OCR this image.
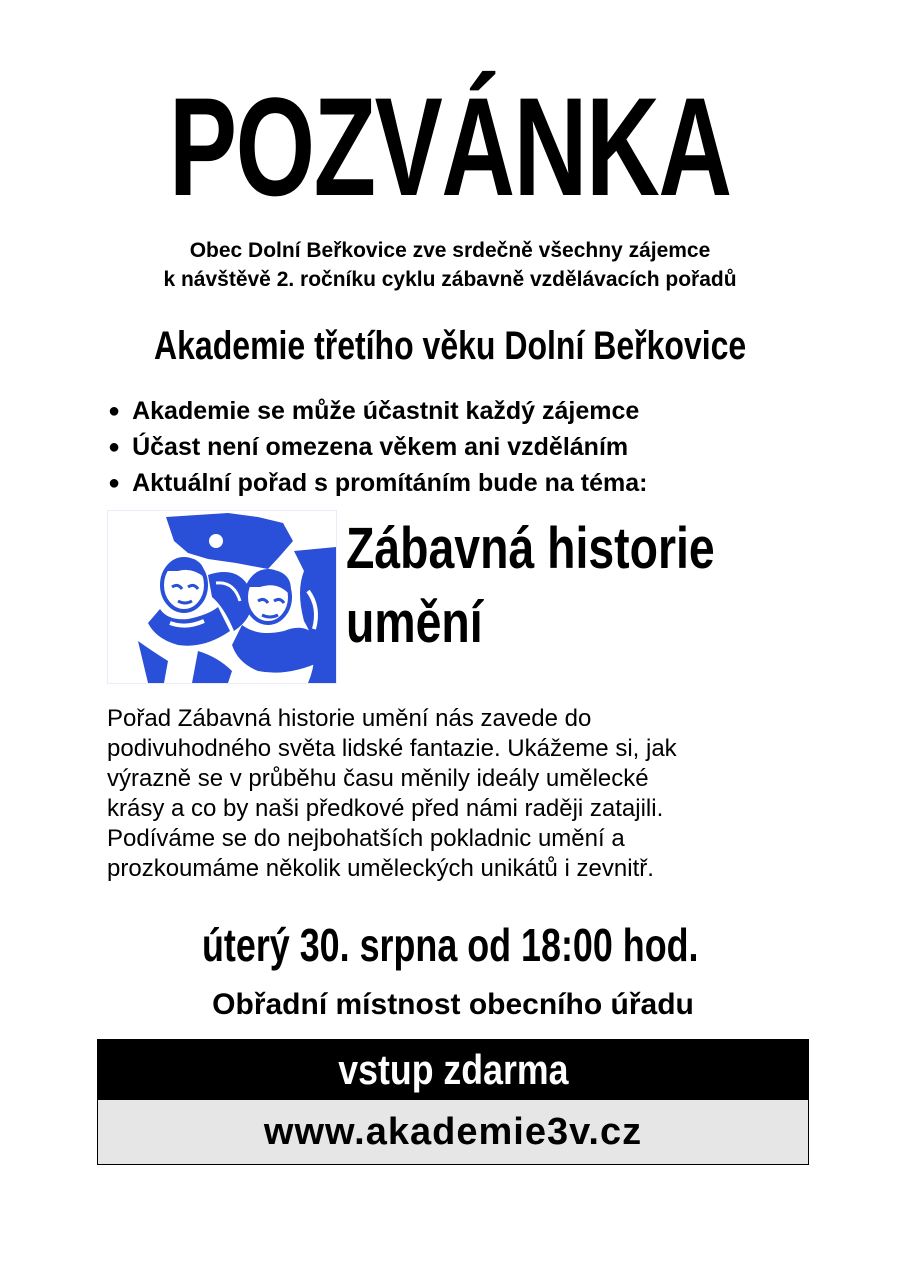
POZVÁNKA
Obec Dolní Beřkovice zve srdečně všechny zájemce
k návštěvě 2. ročníku cyklu zábavně vzdělávacích pořadů
Akademie třetího věku Dolní Beřkovice
● Akademie se může účastnit každý zájemce
● Účast není omezena věkem ani vzděláním
● Aktuální pořad s promítáním bude na téma:
Zábavná historie
umění
Pořad Zábavná historie umění nás zavede do
podivuhodného světa lidské fantazie. Ukážeme si, jak
výrazně se v průběhu času měnily ideály umělecké
krásy a co by naši předkové před námi raději zatajili.
Podíváme se do nejbohatších pokladnic umění a
prozkoumáme několik uměleckých unikátů i zevnitř.
úterý 30. srpna od 18:00 hod.
Obřadní místnost obecního úřadu
vstup zdarma
www.akademie3v.cz
